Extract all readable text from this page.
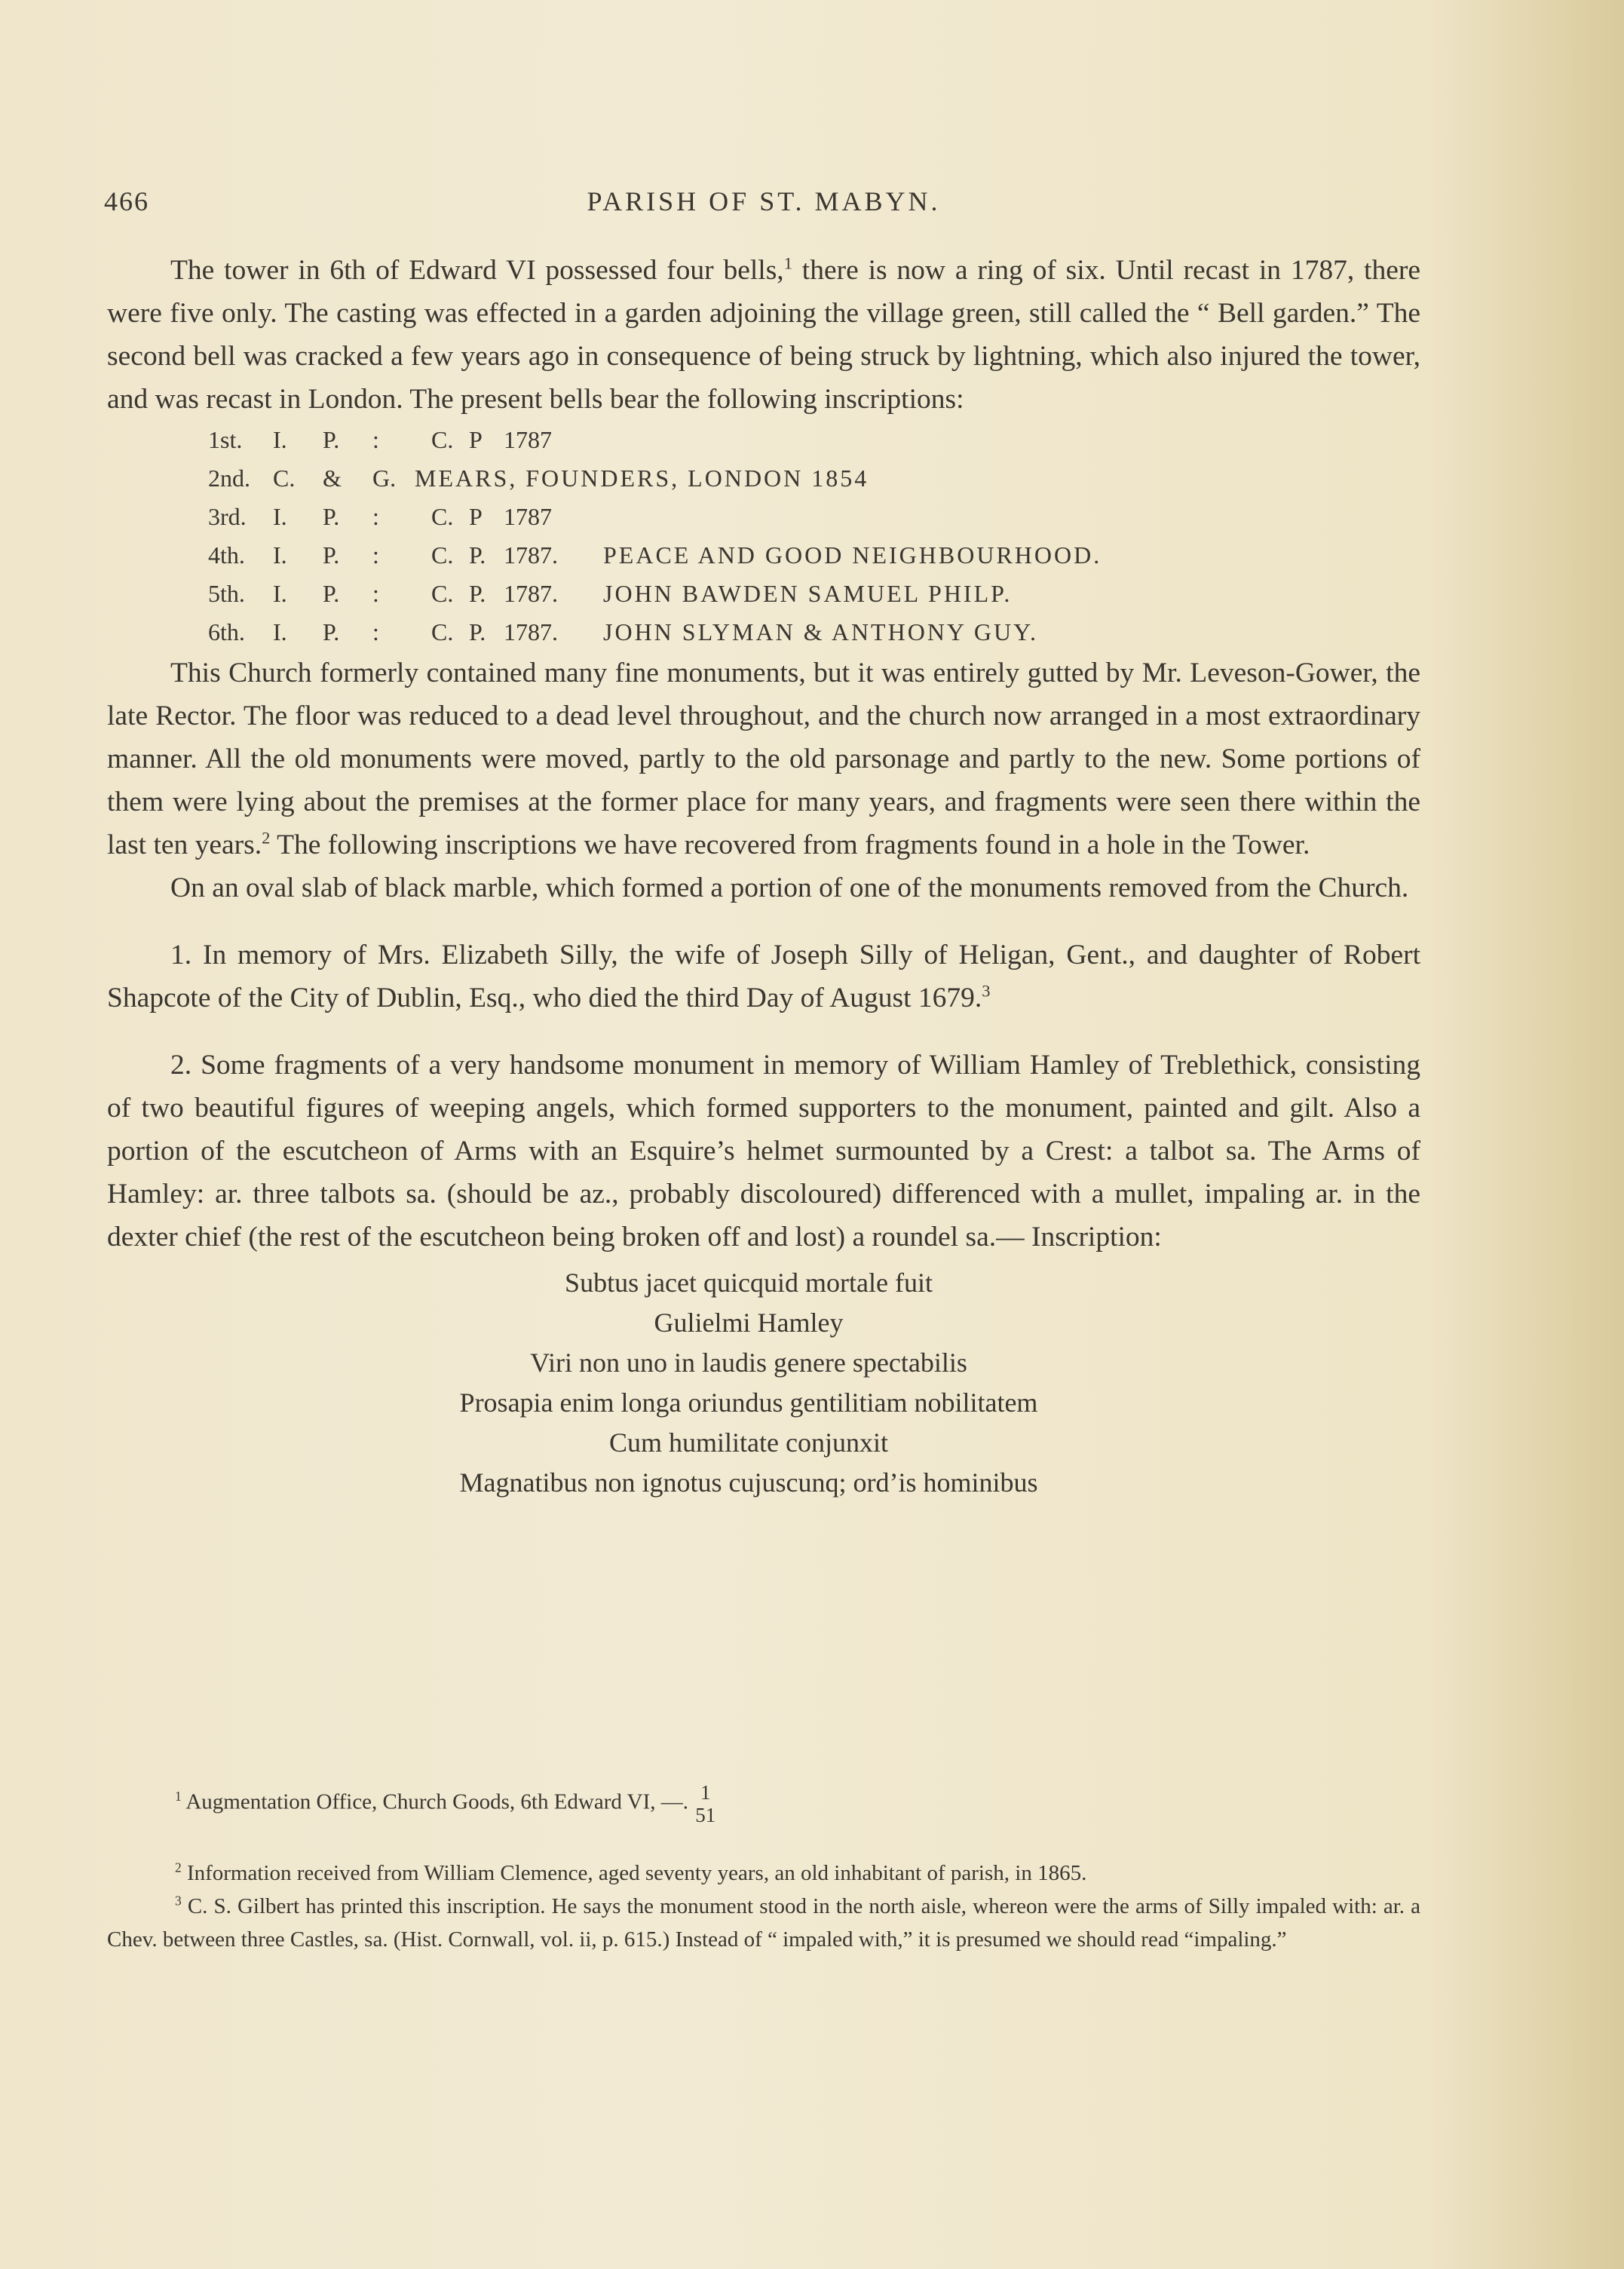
466	PARISH OF ST. MABYN.

The tower in 6th of Edward VI possessed four bells,$^1$ there is now a ring of six. Until recast in 1787, there were five only. The casting was effected in a garden adjoining the village green, still called the “ Bell garden.” The second bell was cracked a few years ago in consequence of being struck by lightning, which also injured the tower, and was recast in London. The present bells bear the following inscriptions:

1st.	I.	P.	:	C. P 1787
2nd. C.	&	G. MEARS, FOUNDERS, LONDON 1854
3rd.	I.	P.	:	C. P 1787
4th.	I.	P.	:	C. P. 1787.	PEACE AND GOOD NEIGHBOURHOOD.
5th.	I.	P.	:	C. P. 1787.	JOHN BAWDEN SAMUEL PHILP.
6th.	I.	P.	:	C. P. 1787.	JOHN SLYMAN & ANTHONY GUY.

This Church formerly contained many fine monuments, but it was entirely gutted by Mr. Leveson-Gower, the late Rector. The floor was reduced to a dead level throughout, and the church now arranged in a most extraordinary manner. All the old monuments were moved, partly to the old parsonage and partly to the new. Some portions of them were lying about the premises at the former place for many years, and fragments were seen there within the last ten years.$^2$ The following inscriptions we have recovered from fragments found in a hole in the Tower.

On an oval slab of black marble, which formed a portion of one of the monuments removed from the Church.

1. In memory of Mrs. Elizabeth Silly, the wife of Joseph Silly of Heligan, Gent., and daughter of Robert Shapcote of the City of Dublin, Esq., who died the third Day of August 1679.$^3$

2. Some fragments of a very handsome monument in memory of William Hamley of Treblethick, consisting of two beautiful figures of weeping angels, which formed supporters to the monument, painted and gilt. Also a portion of the escutcheon of Arms with an Esquire’s helmet surmounted by a Crest: a talbot sa. The Arms of Hamley: ar. three talbots sa. (should be az., probably discoloured) differenced with a mullet, impaling ar. in the dexter chief (the rest of the escutcheon being broken off and lost) a roundel sa.— Inscription:

Subtus jacet quicquid mortale fuit
Gulielmi Hamley
Viri non uno in laudis genere spectabilis
Prosapia enim longa oriundus gentilitiam nobilitatem
Cum humilitate conjunxit
Magnatibus non ignotus cujuscunq; ord’is hominibus
$^1$ Augmentation Office, Church Goods, 6th Edward VI, —. 1
51

$^2$ Information received from William Clemence, aged seventy years, an old inhabitant of parish, in 1865.

$^3$ C. S. Gilbert has printed this inscription. He says the monument stood in the north aisle, whereon were the arms of Silly impaled with: ar. a Chev. between three Castles, sa. (Hist. Cornwall, vol. ii, p. 615.) Instead of “ impaled with,” it is presumed we should read “impaling.”
